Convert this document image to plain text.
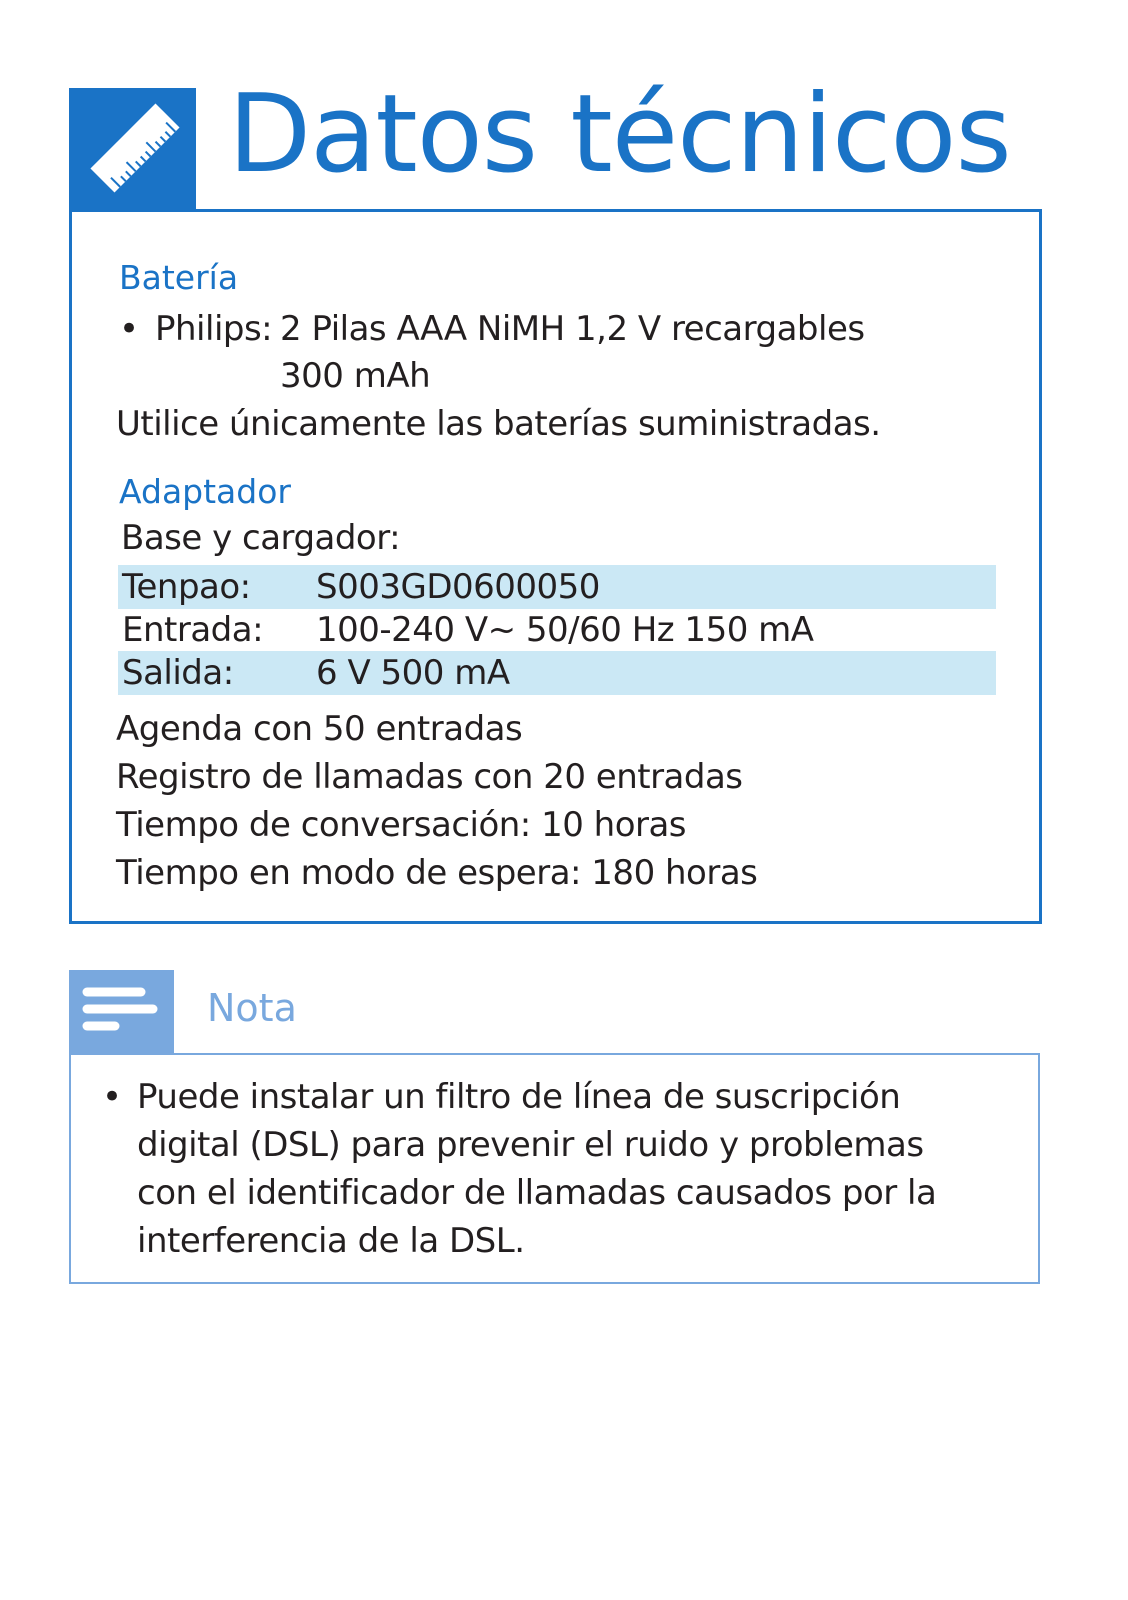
Datos técnicos
Batería
• Philips: 2 Pilas AAA NiMH 1,2 V recargables
300 mAh
Utilice únicamente las baterías suministradas.
Adaptador
Base y cargador:
Tenpao: S003GD0600050
Entrada: 100-240 V~ 50/60 Hz 150 mA
Salida: 6 V 500 mA
Agenda con 50 entradas
Registro de llamadas con 20 entradas
Tiempo de conversación: 10 horas
Tiempo en modo de espera: 180 horas
Nota
• Puede instalar un filtro de línea de suscripción
digital (DSL) para prevenir el ruido y problemas
con el identificador de llamadas causados por la
interferencia de la DSL.
